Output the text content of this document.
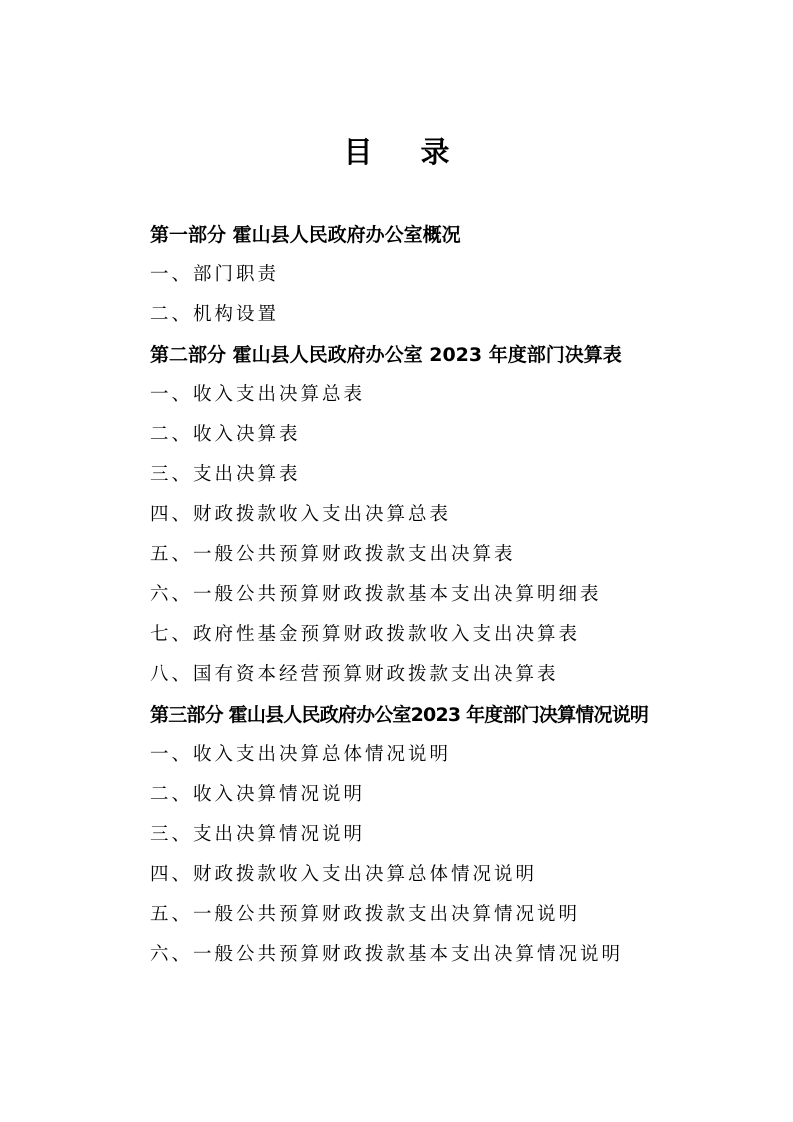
目录
第一部分 霍山县人民政府办公室概况
一、部门职责
二、机构设置
第二部分 霍山县人民政府办公室 2023 年度部门决算表
一、收入支出决算总表
二、收入决算表
三、支出决算表
四、财政拨款收入支出决算总表
五、一般公共预算财政拨款支出决算表
六、一般公共预算财政拨款基本支出决算明细表
七、政府性基金预算财政拨款收入支出决算表
八、国有资本经营预算财政拨款支出决算表
第三部分 霍山县人民政府办公室2023 年度部门决算情况说明
一、收入支出决算总体情况说明
二、收入决算情况说明
三、支出决算情况说明
四、财政拨款收入支出决算总体情况说明
五、一般公共预算财政拨款支出决算情况说明
六、一般公共预算财政拨款基本支出决算情况说明
